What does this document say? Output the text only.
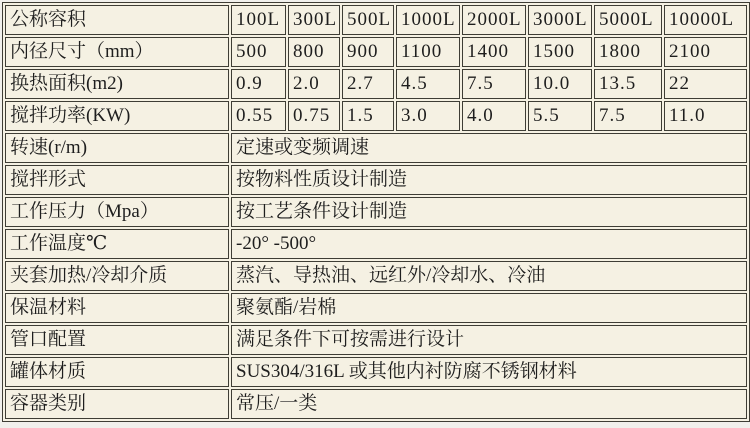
公称容积	100L	300L	500L	1000L	2000L	3000L	5000L	10000L
内径尺寸（mm）	500	800	900	1100	1400	1500	1800	2100
换热面积(m2)	0.9	2.0	2.7	4.5	7.5	10.0	13.5	22
搅拌功率(KW)	0.55	0.75	1.5	3.0	4.0	5.5	7.5	11.0
转速(r/m)	定速或变频调速							
搅拌形式	按物料性质设计制造							
工作压力（Mpa）	按工艺条件设计制造							
工作温度℃	-20° -500°							
夹套加热/冷却介质	蒸汽、导热油、远红外/冷却水、冷油							
保温材料	聚氨酯/岩棉							
管口配置	满足条件下可按需进行设计							
罐体材质	SUS304/316L 或其他内衬防腐不锈钢材料							
容器类别	常压/一类							
